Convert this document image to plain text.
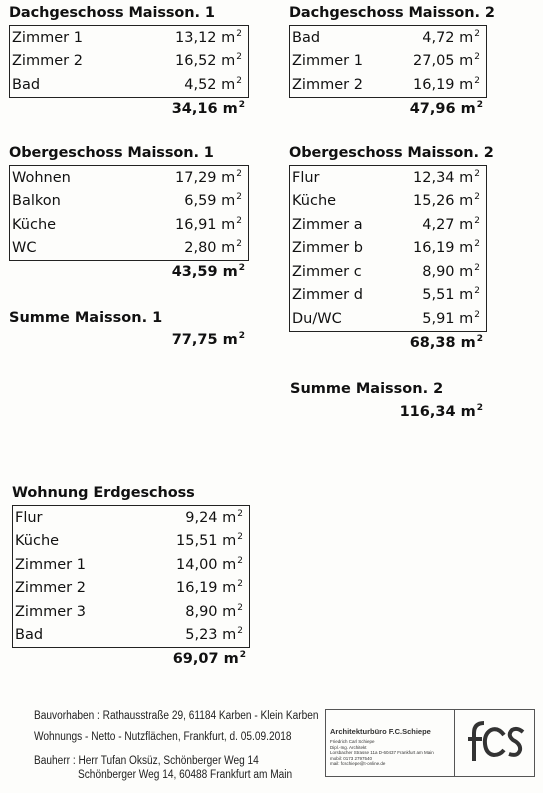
Dachgeschoss Maisson. 1
Zimmer 1	13,12 $m^2$
Zimmer 2	16,52 $m^2$
Bad	4,52 $m^2$
34,16 $m^2$
Dachgeschoss Maisson. 2
Bad	4,72 $m^2$
Zimmer 1	27,05 $m^2$
Zimmer 2	16,19 $m^2$
47,96 $m^2$
Obergeschoss Maisson. 1
Wohnen	17,29 $m^2$
Balkon	6,59 $m^2$
Küche	16,91 $m^2$
WC	2,80 $m^2$
43,59 $m^2$
Obergeschoss Maisson. 2
Flur	12,34 $m^2$
Küche	15,26 $m^2$
Zimmer a	4,27 $m^2$
Zimmer b	16,19 $m^2$
Zimmer c	8,90 $m^2$
Zimmer d	5,51 $m^2$
Du/WC	5,91 $m^2$
68,38 $m^2$
Summe Maisson. 1
77,75 $m^2$
Summe Maisson. 2
116,34 $m^2$
Wohnung Erdgeschoss
Flur	9,24 $m^2$
Küche	15,51 $m^2$
Zimmer 1	14,00 $m^2$
Zimmer 2	16,19 $m^2$
Zimmer 3	8,90 $m^2$
Bad	5,23 $m^2$
69,07 $m^2$
Bauvorhaben : Rathausstraße 29, 61184 Karben - Klein Karben
Wohnungs - Netto - Nutzflächen, Frankfurt, d. 05.09.2018
Bauherr : Herr Tufan Öksüz, Schönberger Weg 14
Schönberger Weg 14, 60488 Frankfurt am Main
Architekturbüro F.C.Schiepe
Friedrich Carl Schiepe
Dipl.-Ing. Architekt
Lorsbacher Strasse 11a D-60437 Frankfurt am Main
mobil: 0173 2797540
mail: fcschiepe@t-online.de
